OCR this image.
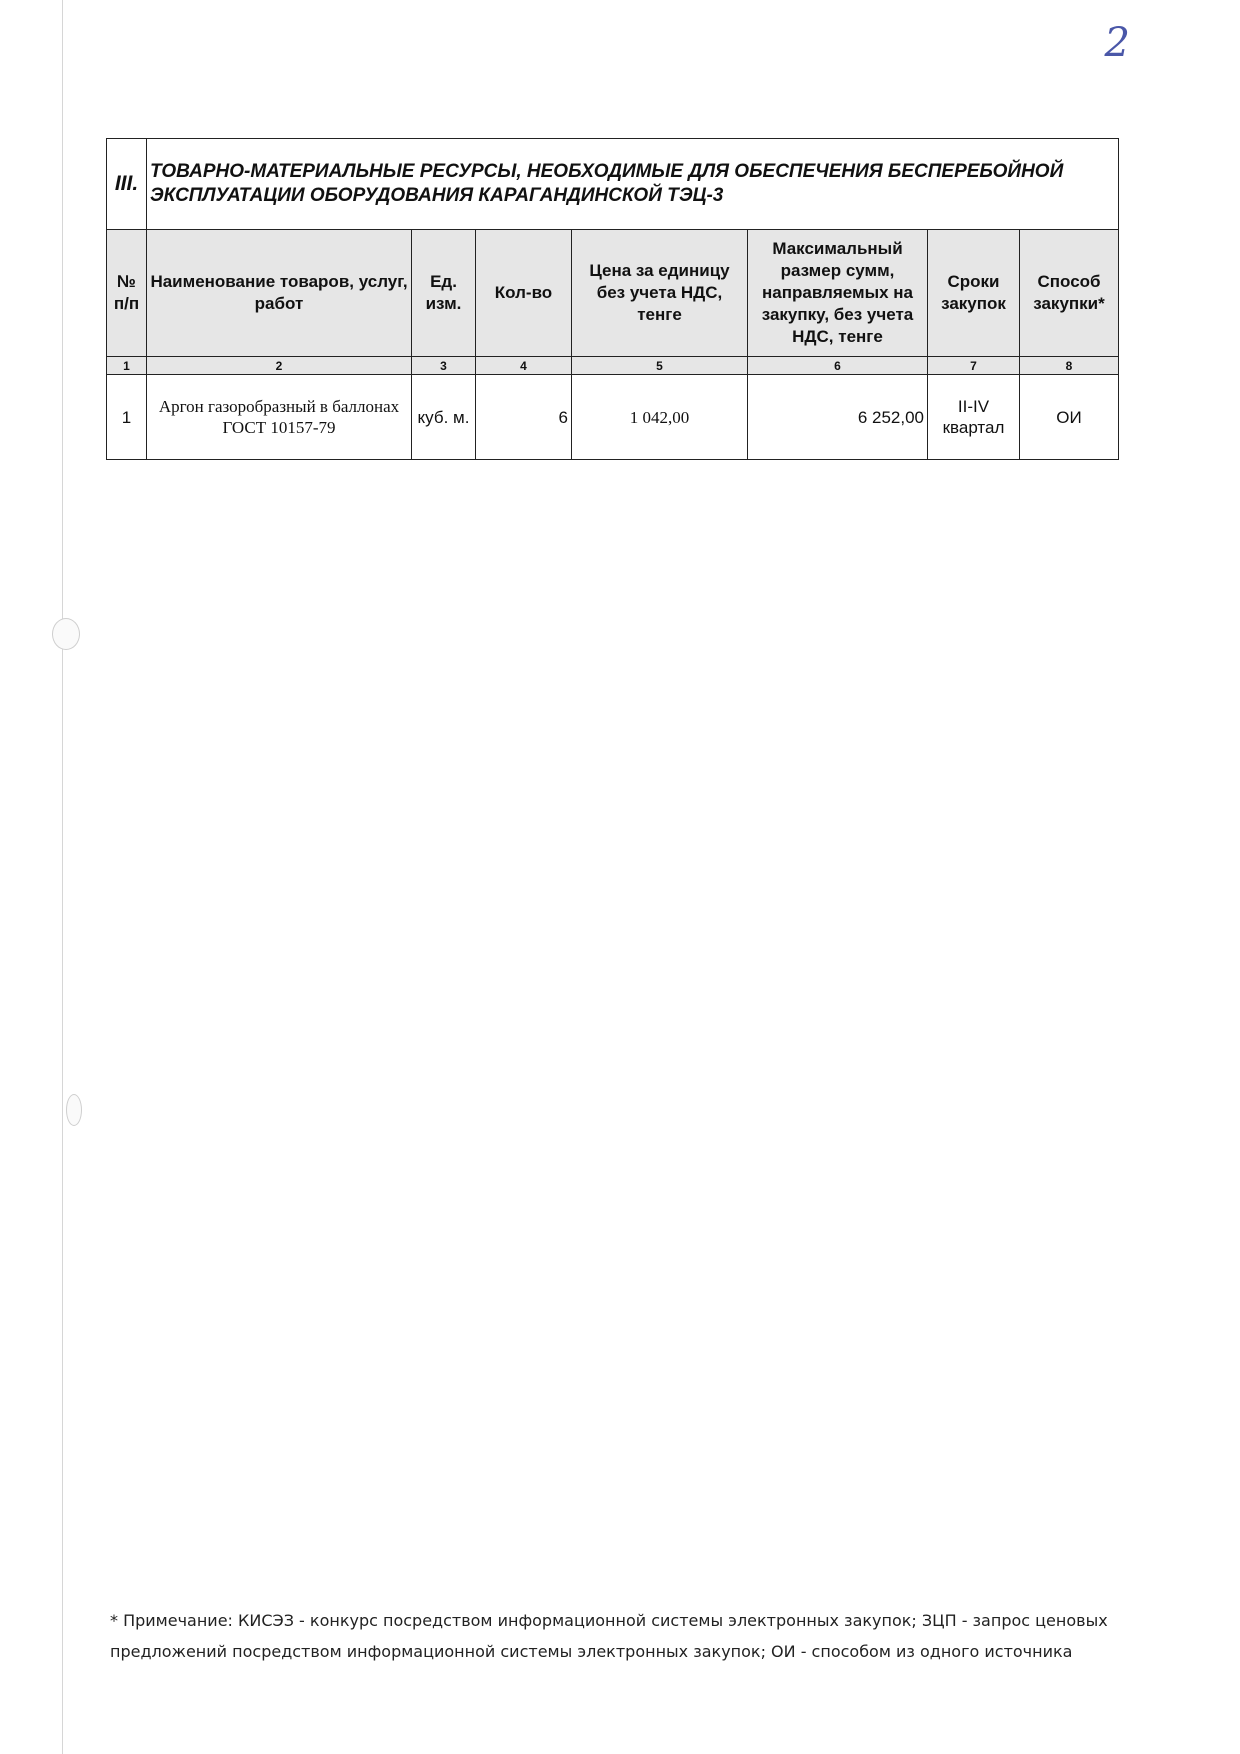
2
III.	ТОВАРНО-МАТЕРИАЛЬНЫЕ РЕСУРСЫ, НЕОБХОДИМЫЕ ДЛЯ ОБЕСПЕЧЕНИЯ БЕСПЕРЕБОЙНОЙ ЭКСПЛУАТАЦИИ ОБОРУДОВАНИЯ КАРАГАНДИНСКОЙ ТЭЦ-3						
№ п/п	Наименование товаров, услуг, работ	Ед. изм.	Кол-во	Цена за единицу без учета НДС, тенге	Максимальный размер сумм, направляемых на закупку, без учета НДС, тенге	Сроки закупок	Способ закупки*
1	2	3	4	5	6	7	8
1	Аргон газоробразный в баллонах ГОСТ 10157-79	куб. м.	6	1 042,00	6 252,00	II-IV квартал	ОИ
* Примечание: КИСЭЗ - конкурс посредством информационной системы электронных закупок; ЗЦП - запрос ценовых предложений посредством информационной системы электронных закупок; ОИ - способом из одного источника
